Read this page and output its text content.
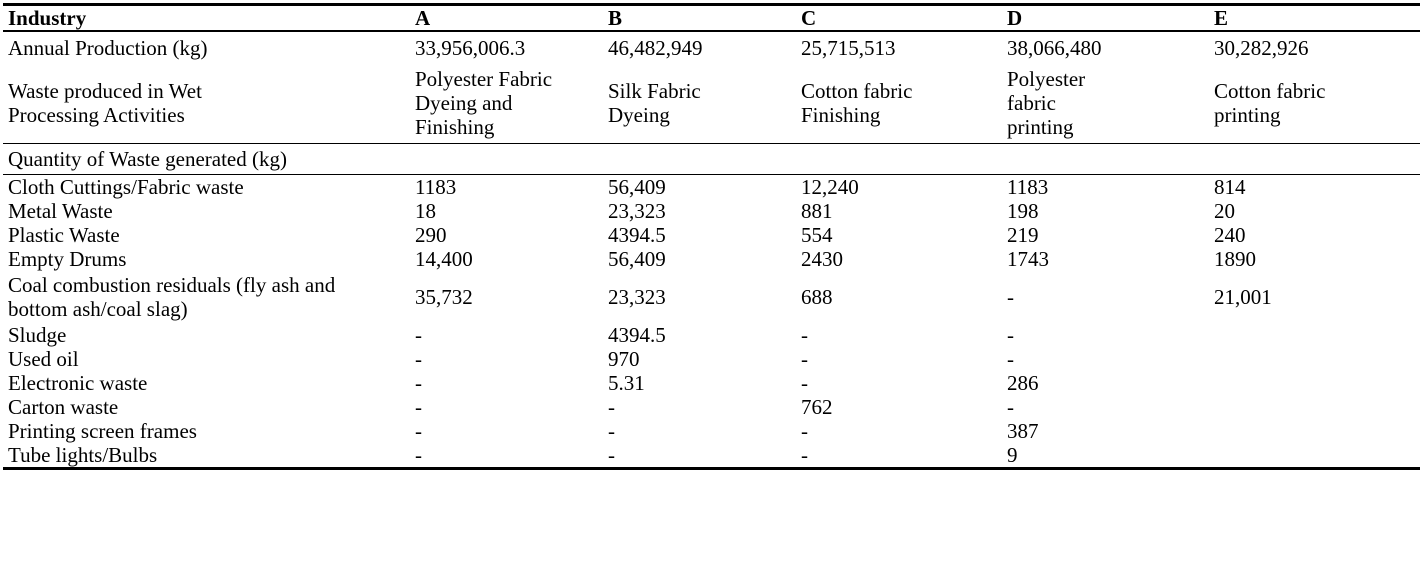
Industry	A	B	C	D	E
Annual Production (kg)	33,956,006.3	46,482,949	25,715,513	38,066,480	30,282,926
Waste produced in Wet Processing Activities	Polyester Fabric Dyeing and Finishing	Silk Fabric Dyeing	Cotton fabric Finishing	Polyester fabric printing	Cotton fabric printing
Quantity of Waste generated (kg)					
Cloth Cuttings/Fabric waste	1183	56,409	12,240	1183	814
Metal Waste	18	23,323	881	198	20
Plastic Waste	290	4394.5	554	219	240
Empty Drums	14,400	56,409	2430	1743	1890
Coal combustion residuals (fly ash and bottom ash/coal slag)	35,732	23,323	688	-	21,001
Sludge	-	4394.5	-	-	
Used oil	-	970	-	-	
Electronic waste	-	5.31	-	286	
Carton waste	-	-	762	-	
Printing screen frames	-	-	-	387	
Tube lights/Bulbs	-	-	-	9	
